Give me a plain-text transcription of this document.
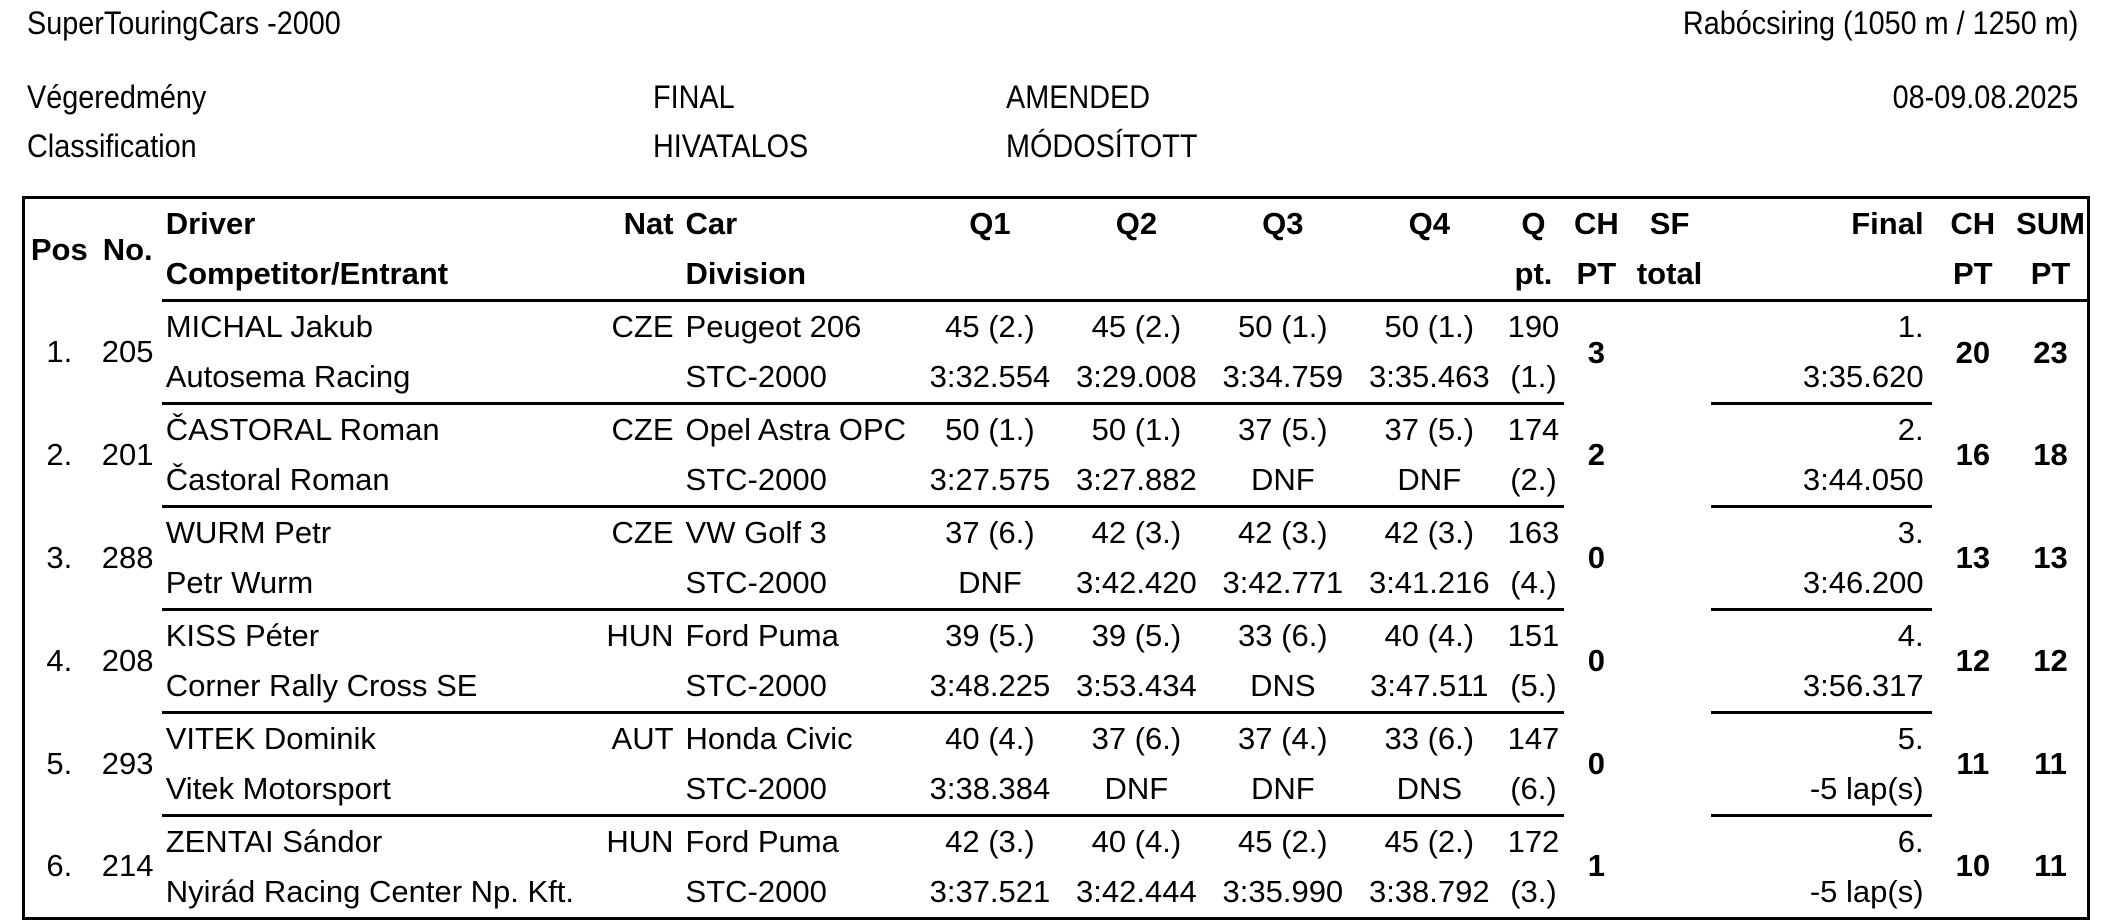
SuperTouringCars -2000	Rabócsiring (1050 m / 1250 m)
Végeredmény
Classification
FINAL
HIVATALOS
AMENDED
MÓDOSÍTOTT
08-09.08.2025
Pos	No.	Driver	Nat	Car	Q1	Q2	Q3	Q4	Q	CH	SF	Final	CH	SUM
		Competitor/Entrant		Division					pt.	PT	total		PT	PT
1.	205	MICHAL Jakub	CZE	Peugeot 206	45 (2.)	45 (2.)	50 (1.)	50 (1.)	190	3		1.	20	23
		Autosema Racing		STC-2000	3:32.554	3:29.008	3:34.759	3:35.463	(1.)			3:35.620		
2.	201	ČASTORAL Roman	CZE	Opel Astra OPC	50 (1.)	50 (1.)	37 (5.)	37 (5.)	174	2		2.	16	18
		Častoral Roman		STC-2000	3:27.575	3:27.882	DNF	DNF	(2.)			3:44.050		
3.	288	WURM Petr	CZE	VW Golf 3	37 (6.)	42 (3.)	42 (3.)	42 (3.)	163	0		3.	13	13
		Petr Wurm		STC-2000	DNF	3:42.420	3:42.771	3:41.216	(4.)			3:46.200		
4.	208	KISS Péter	HUN	Ford Puma	39 (5.)	39 (5.)	33 (6.)	40 (4.)	151	0		4.	12	12
		Corner Rally Cross SE		STC-2000	3:48.225	3:53.434	DNS	3:47.511	(5.)			3:56.317		
5.	293	VITEK Dominik	AUT	Honda Civic	40 (4.)	37 (6.)	37 (4.)	33 (6.)	147	0		5.	11	11
		Vitek Motorsport		STC-2000	3:38.384	DNF	DNF	DNS	(6.)			-5 lap(s)		
6.	214	ZENTAI Sándor	HUN	Ford Puma	42 (3.)	40 (4.)	45 (2.)	45 (2.)	172	1		6.	10	11
		Nyirád Racing Center Np. Kft.		STC-2000	3:37.521	3:42.444	3:35.990	3:38.792	(3.)			-5 lap(s)		
